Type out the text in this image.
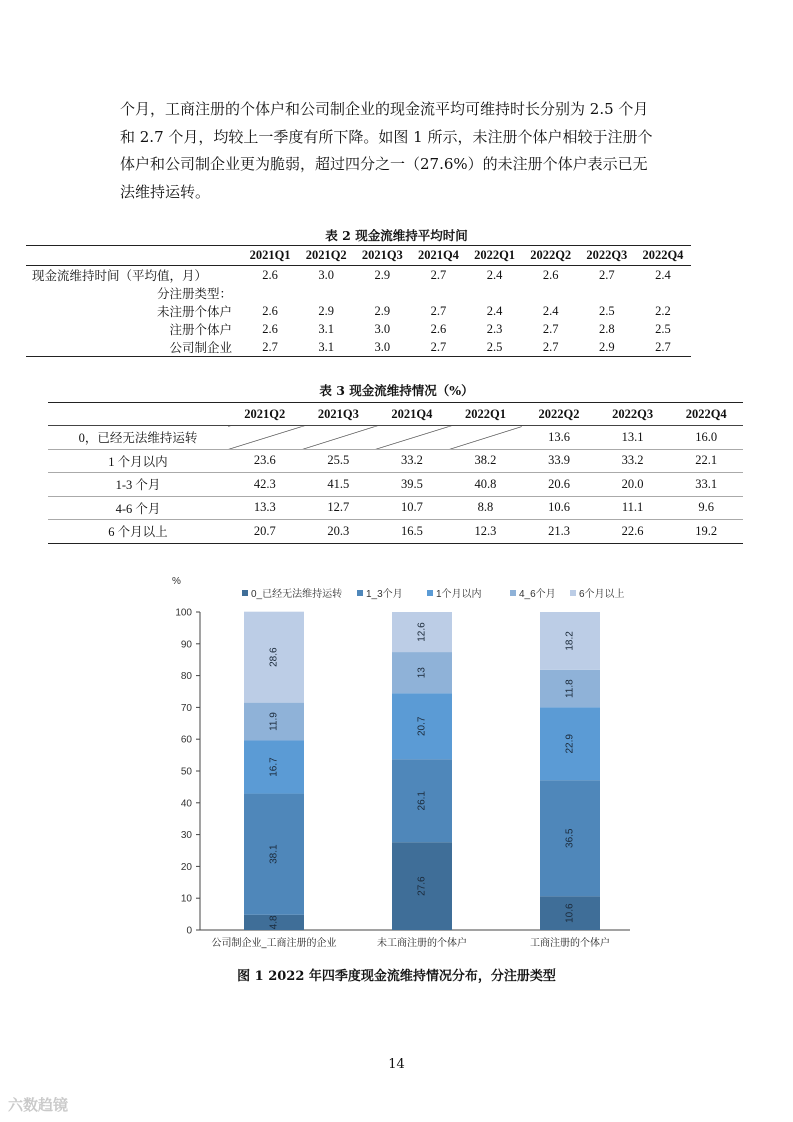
个月，工商注册的个体户和公司制企业的现金流平均可维持时长分别为 2.5 个月

和 2.7 个月，均较上一季度有所下降。如图 1 所示，未注册个体户相较于注册个

体户和公司制企业更为脆弱，超过四分之一（27.6%）的未注册个体户表示已无

法维持运转。

表 2 现金流维持平均时间
	2021Q1	2021Q2	2021Q3	2021Q4	2022Q1	2022Q2	2022Q3	2022Q4
现金流维持时间（平均值，月）	2.6	3.0	2.9	2.7	2.4	2.6	2.7	2.4
分注册类型：								
未注册个体户	2.6	2.9	2.9	2.7	2.4	2.4	2.5	2.2
注册个体户	2.6	3.1	3.0	2.6	2.3	2.7	2.8	2.5
公司制企业	2.7	3.1	3.0	2.7	2.5	2.7	2.9	2.7
表 3 现金流维持情况（%）
	2021Q2	2021Q3	2021Q4	2022Q1	2022Q2	2022Q3	2022Q4
0，已经无法维持运转					13.6	13.1	16.0
1 个月以内	23.6	25.5	33.2	38.2	33.9	33.2	22.1
1-3 个月	42.3	41.5	39.5	40.8	20.6	20.0	33.1
4-6 个月	13.3	12.7	10.7	8.8	10.6	11.1	9.6
6 个月以上	20.7	20.3	16.5	12.3	21.3	22.6	19.2
%
0_已经无法维持运转 1_3个月	1个月以内	4_6个月 6个月以上
0
10
20
30
40
50
60
70
80
90
100
4.8
38.1
16.7
11.9
28.6
公司制企业_工商注册的企业
27.6
26.1
20.7
13
12.6
未工商注册的个体户
10.6
36.5
22.9
11.8
18.2
工商注册的个体户
图 1 2022 年四季度现金流维持情况分布，分注册类型
14
六数趋镜
